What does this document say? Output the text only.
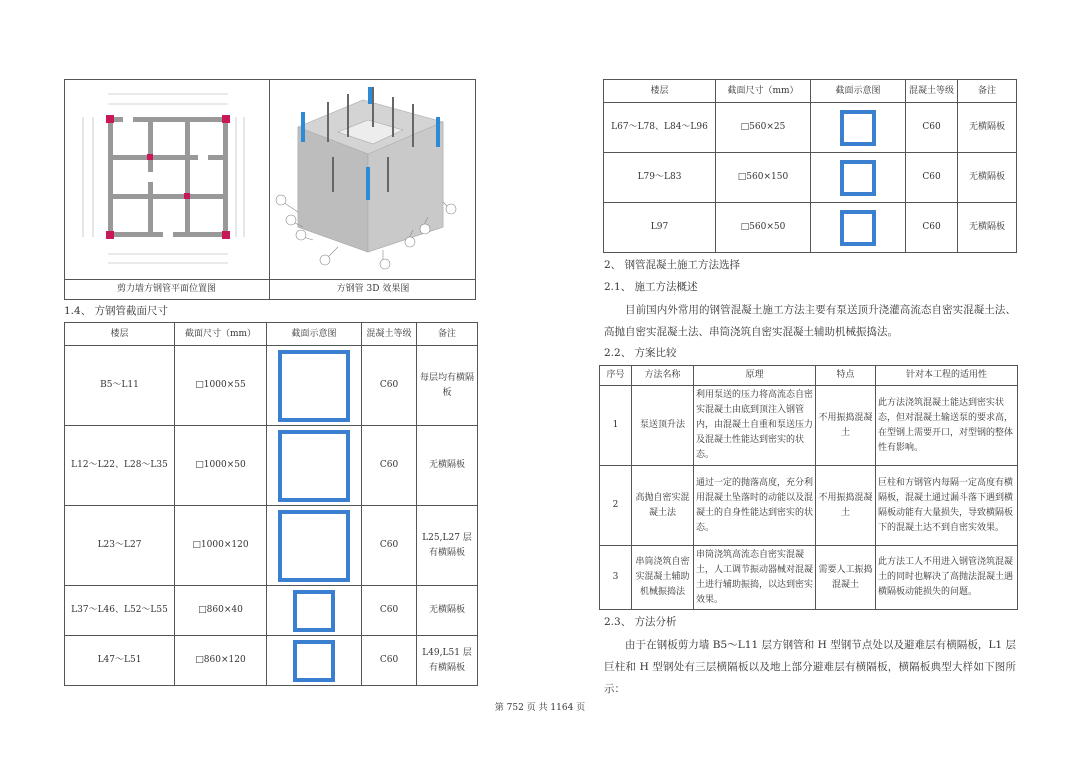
剪力墙方钢管平面位置图	方钢管 3D 效果图
1.4、 方钢管截面尺寸
楼层	截面尺寸（mm）	截面示意图	混凝土等级	备注
B5～L11	□1000×55		C60	每层均有横隔板
L12～L22、L28～L35	□1000×50		C60	无横隔板
L23～L27	□1000×120		C60	L25,L27 层有横隔板
L37～L46、L52～L55	□860×40		C60	无横隔板
L47～L51	□860×120		C60	L49,L51 层有横隔板
楼层	截面尺寸（mm）	截面示意图	混凝土等级	备注
L67～L78、L84～L96	□560×25		C60	无横隔板
L79～L83	□560×150		C60	无横隔板
L97	□560×50		C60	无横隔板
2、 钢管混凝土施工方法选择
2.1、 施工方法概述
目前国内外常用的钢管混凝土施工方法主要有泵送顶升浇灌高流态自密实混凝土法、高抛自密实混凝土法、串筒浇筑自密实混凝土辅助机械振捣法。
2.2、 方案比较
序号	方法名称	原理	特点	针对本工程的适用性
1	泵送顶升法	利用泵送的压力将高流态自密实混凝土由底到顶注入钢管内，由混凝土自重和泵送压力及混凝土性能达到密实的状态。	不用振捣混凝土	此方法浇筑混凝土能达到密实状态，但对混凝土输送泵的要求高，在型钢上需要开口，对型钢的整体性有影响。
2	高抛自密实混凝土法	通过一定的抛落高度，充分利用混凝土坠落时的动能以及混凝土的自身性能达到密实的状态。	不用振捣混凝土	巨柱和方钢管内每隔一定高度有横隔板，混凝土通过漏斗落下遇到横隔板动能有大量损失，导致横隔板下的混凝土达不到自密实效果。
3	串筒浇筑自密实混凝土辅助机械振捣法	串筒浇筑高流态自密实混凝土，人工调节振动器械对混凝土进行辅助振捣，以达到密实效果。	需要人工振捣混凝土	此方法工人不用进入钢管浇筑混凝土的同时也解决了高抛法混凝土遇横隔板动能损失的问题。
2.3、 方法分析
由于在钢板剪力墙 B5～L11 层方钢管和 H 型钢节点处以及避难层有横隔板，L1 层巨柱和 H 型钢处有三层横隔板以及地上部分避难层有横隔板，横隔板典型大样如下图所示：
第 752 页 共 1164 页
